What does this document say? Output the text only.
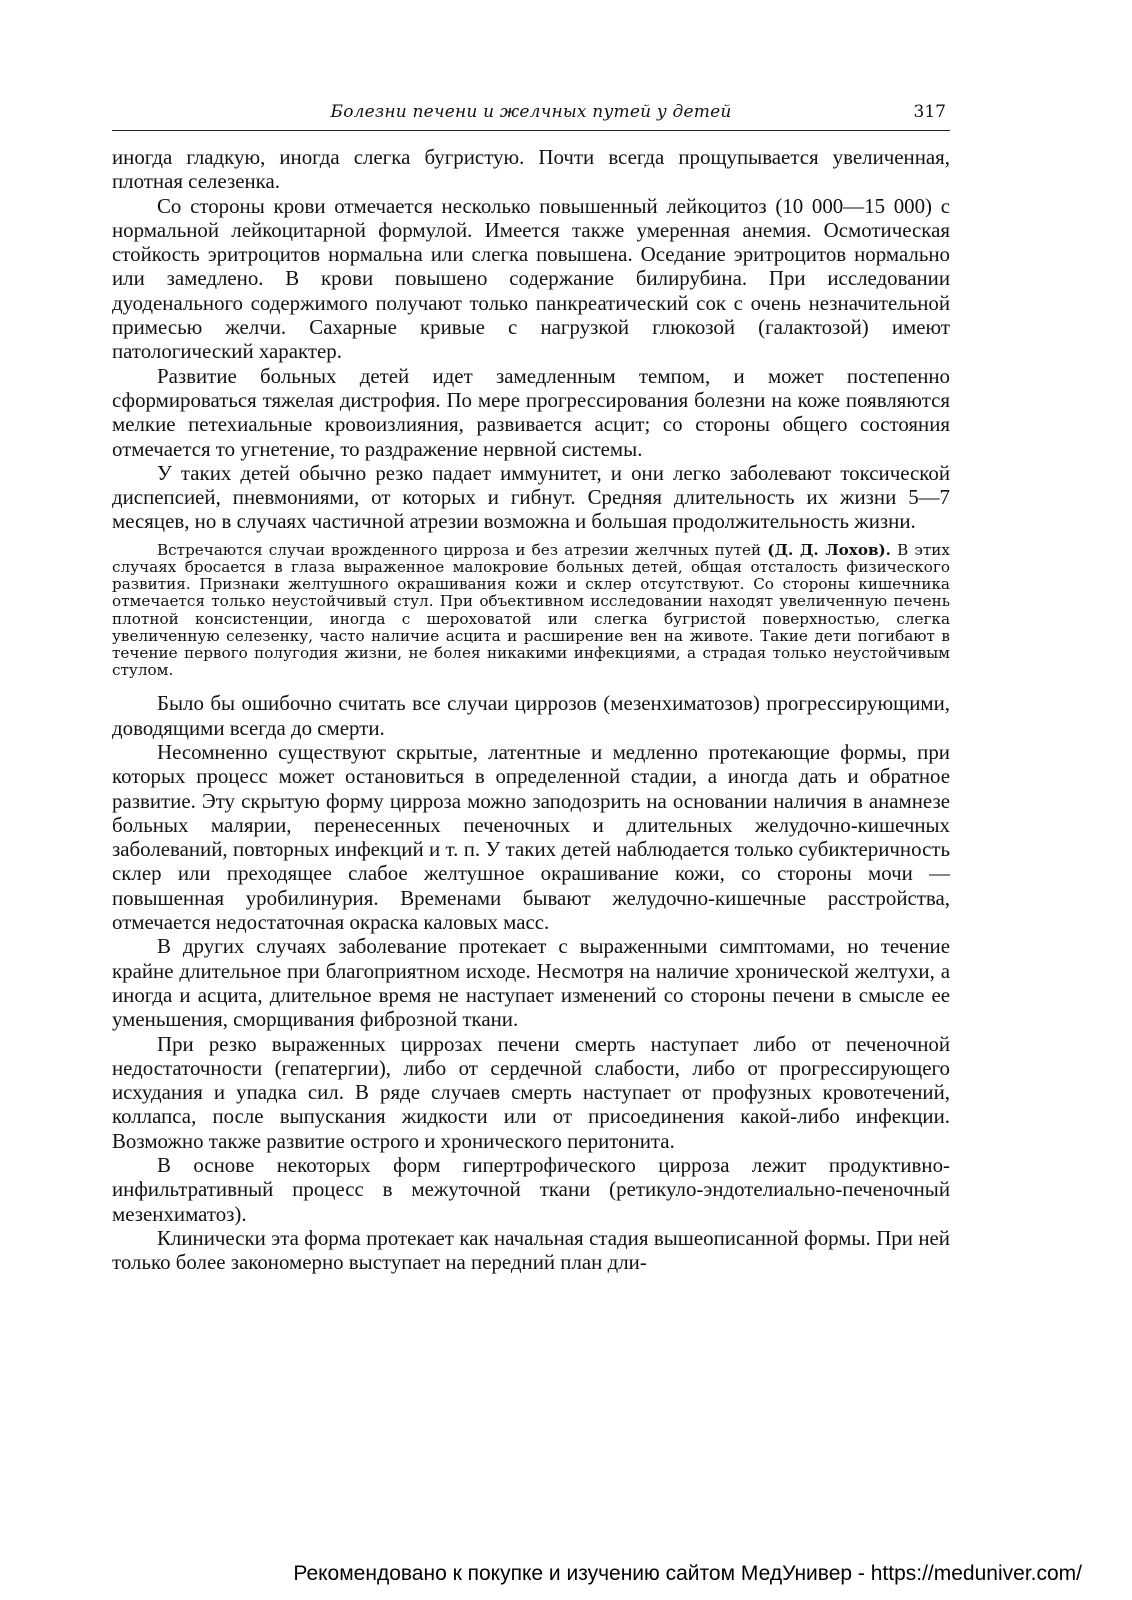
Болезни печени и желчных путей у детей	317

иногда гладкую, иногда слегка бугристую. Почти всегда прощупывается увеличенная, плотная селезенка.

Со стороны крови отмечается несколько повышенный лейкоцитоз (10 000—15 000) с нормальной лейкоцитарной формулой. Имеется также умеренная анемия. Осмотическая стойкость эритроцитов нормальна или слегка повышена. Оседание эритроцитов нормально или замедлено. В крови повышено содержание билирубина. При исследовании дуоденального содержимого получают только панкреатический сок с очень незначительной примесью желчи. Сахарные кривые с нагрузкой глюкозой (галактозой) имеют патологический характер.

Развитие больных детей идет замедленным темпом, и может постепенно сформироваться тяжелая дистрофия. По мере прогрессирования болезни на коже появляются мелкие петехиальные кровоизлияния, развивается асцит; со стороны общего состояния отмечается то угнетение, то раздражение нервной системы.

У таких детей обычно резко падает иммунитет, и они легко заболевают токсической диспепсией, пневмониями, от которых и гибнут. Средняя длительность их жизни 5—7 месяцев, но в случаях частичной атрезии возможна и большая продолжительность жизни.

Встречаются случаи врожденного цирроза и без атрезии желчных путей (Д. Д. Лохов). В этих случаях бросается в глаза выраженное малокровие больных детей, общая отсталость физического развития. Признаки желтушного окрашивания кожи и склер отсутствуют. Со стороны кишечника отмечается только неустойчивый стул. При объективном исследовании находят увеличенную печень плотной консистенции, иногда с шероховатой или слегка бугристой поверхностью, слегка увеличенную селезенку, часто наличие асцита и расширение вен на животе. Такие дети погибают в течение первого полугодия жизни, не болея никакими инфекциями, а страдая только неустойчивым стулом.

Было бы ошибочно считать все случаи циррозов (мезенхиматозов) прогрессирующими, доводящими всегда до смерти.

Несомненно существуют скрытые, латентные и медленно протекающие формы, при которых процесс может остановиться в определенной стадии, а иногда дать и обратное развитие. Эту скрытую форму цирроза можно заподозрить на основании наличия в анамнезе больных малярии, перенесенных печеночных и длительных желудочно-кишечных заболеваний, повторных инфекций и т. п. У таких детей наблюдается только субиктеричность склер или преходящее слабое желтушное окрашивание кожи, со стороны мочи — повышенная уробилинурия. Временами бывают желудочно-кишечные расстройства, отмечается недостаточная окраска каловых масс.

В других случаях заболевание протекает с выраженными симптомами, но течение крайне длительное при благоприятном исходе. Несмотря на наличие хронической желтухи, а иногда и асцита, длительное время не наступает изменений со стороны печени в смысле ее уменьшения, сморщивания фиброзной ткани.

При резко выраженных циррозах печени смерть наступает либо от печеночной недостаточности (гепатергии), либо от сердечной слабости, либо от прогрессирующего исхудания и упадка сил. В ряде случаев смерть наступает от профузных кровотечений, коллапса, после выпускания жидкости или от присоединения какой-либо инфекции. Возможно также развитие острого и хронического перитонита.

В основе некоторых форм гипертрофического цирроза лежит продуктивно-инфильтративный процесс в межуточной ткани (ретикуло-эндотелиально-печеночный мезенхиматоз).

Клинически эта форма протекает как начальная стадия вышеописанной формы. При ней только более закономерно выступает на передний план дли-

Рекомендовано к покупке и изучению сайтом МедУнивер - https://meduniver.com/
